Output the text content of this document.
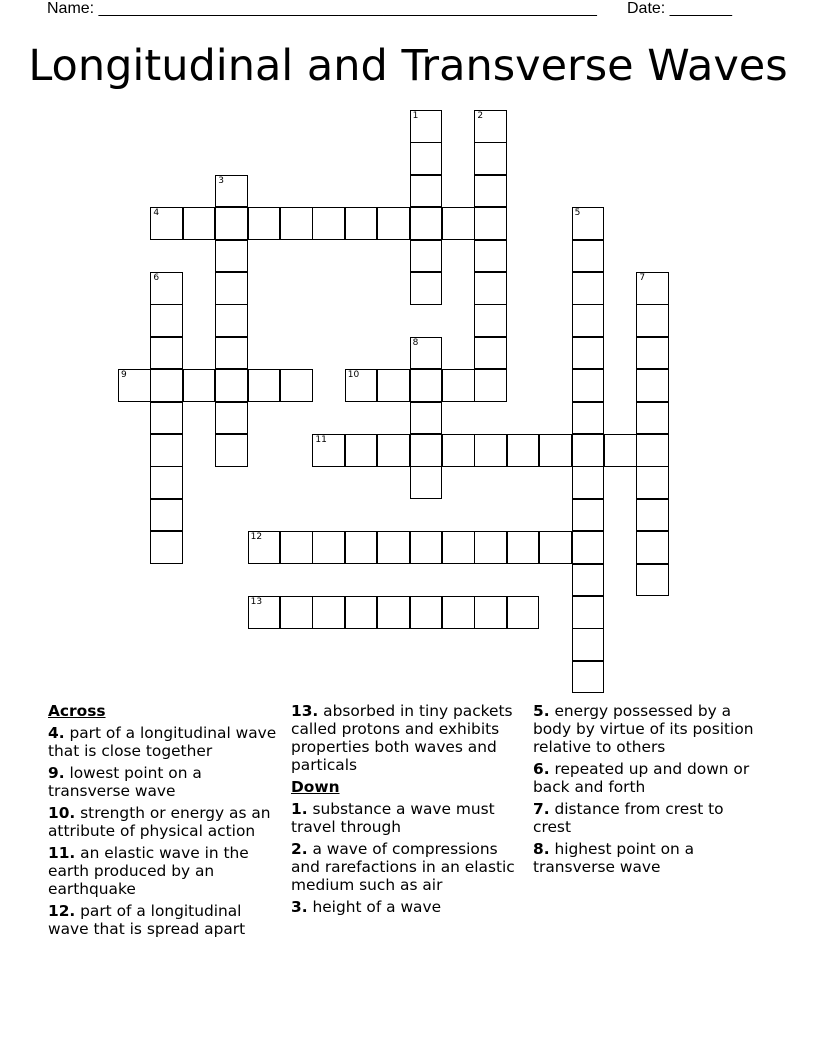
Name: ________________________________________________________ Date: _______
Longitudinal and Transverse Waves
1	2
3
4	5
6	7
8
9	10
11
12
13
Across
4. part of a longitudinal wave that is close together
9. lowest point on a transverse wave
10. strength or energy as an attribute of physical action
11. an elastic wave in the earth produced by an earthquake
12. part of a longitudinal wave that is spread apart
13. absorbed in tiny packets called protons and exhibits properties both waves and particals
Down
1. substance a wave must travel through
2. a wave of compressions and rarefactions in an elastic medium such as air
3. height of a wave
5. energy possessed by a body by virtue of its position relative to others
6. repeated up and down or back and forth
7. distance from crest to crest
8. highest point on a transverse wave
